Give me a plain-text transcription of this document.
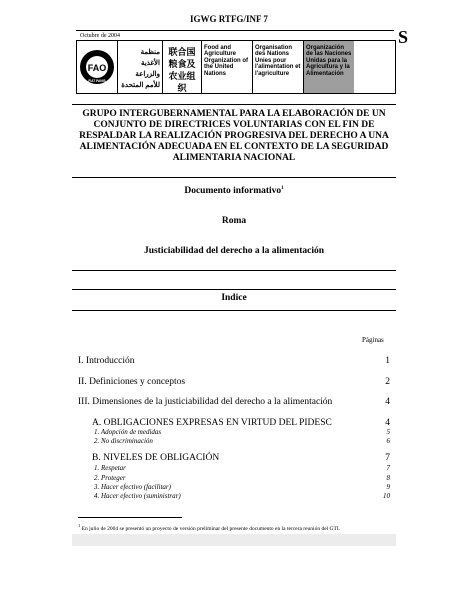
IGWG RTFG/INF 7
S
Octubre de 2004
FAO
FIAT PANIS
منظمة الأغذية والزراعة للأمم المتحدة
联合国粮食及农业组织
Food and Agriculture Organization of the United Nations
Organisation des Nations Unies pour l'alimentation et l'agriculture
Organización de las Naciones Unidas para la Agricultura y la Alimentación
GRUPO INTERGUBERNAMENTAL PARA LA ELABORACIÓN DE UN CONJUNTO DE DIRECTRICES VOLUNTARIAS CON EL FIN DE RESPALDAR LA REALIZACIÓN PROGRESIVA DEL DERECHO A UNA ALIMENTACIÓN ADECUADA EN EL CONTEXTO DE LA SEGURIDAD ALIMENTARIA NACIONAL
Documento informativo$^1$
Roma
Justiciabilidad del derecho a la alimentación
Indice
Páginas
I. Introducción	1
II. Definiciones y conceptos	2
III. Dimensiones de la justiciabilidad del derecho a la alimentación	4
A. OBLIGACIONES EXPRESAS EN VIRTUD DEL PIDESC	4
1. Adopción de medidas	5
2. No discriminación	6
B. NIVELES DE OBLIGACIÓN	7
1. Respetar	7
2. Proteger	8
3. Hacer efectivo (facilitar)	9
4. Hacer efectivo (suministrar)	10
$^1$ En julio de 2004 se presentó un proyecto de versión preliminar del presente documento en la tercera reunión del GTI.
